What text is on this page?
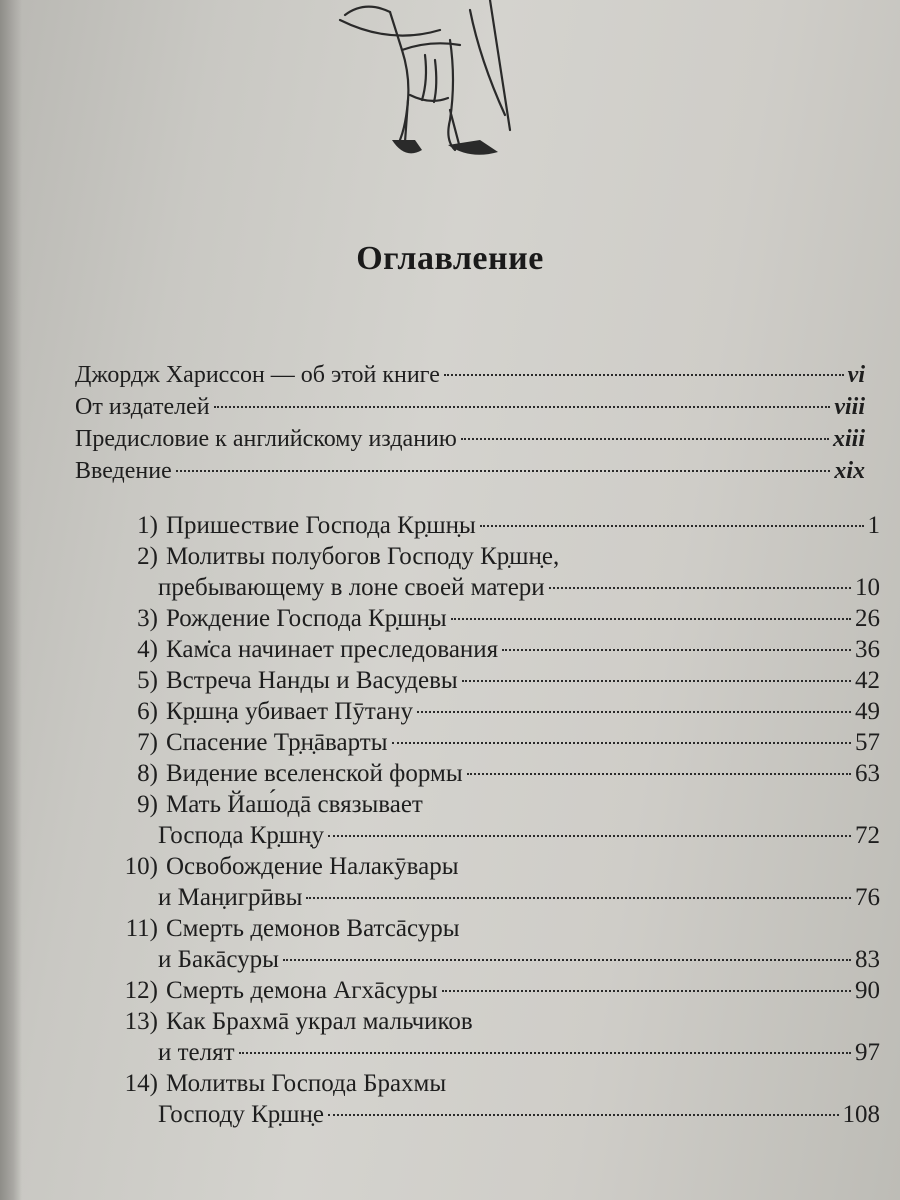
Оглавление
Джордж Хариссон — об этой книге	vi
От издателей	viii
Предисловие к английскому изданию	xiii
Введение	xix
1) Пришествие Господа Кр̣шн̣ы	1
2) Молитвы полубогов Господу Кр̣шн̣е,
пребывающему в лоне своей матери	10
3) Рождение Господа Кр̣шн̣ы	26
4) Кам̇са начинает преследования	36
5) Встреча Нанды и Васудевы	42
6) Кр̣шн̣а убивает Пӯтану	49
7) Спасение Тр̣н̣āварты	57
8) Видение вселенской формы	63
9) Мать Йаш́одā связывает
Господа Кр̣шн̣у	72
10) Освобождение Налакӯвары
и Ман̣игрӣвы	76
11) Смерть демонов Ватсāсуры
и Бакāсуры	83
12) Смерть демона Агхāсуры	90
13) Как Брахмā украл мальчиков
и телят	97
14) Молитвы Господа Брахмы
Господу Кр̣шн̣е	108
